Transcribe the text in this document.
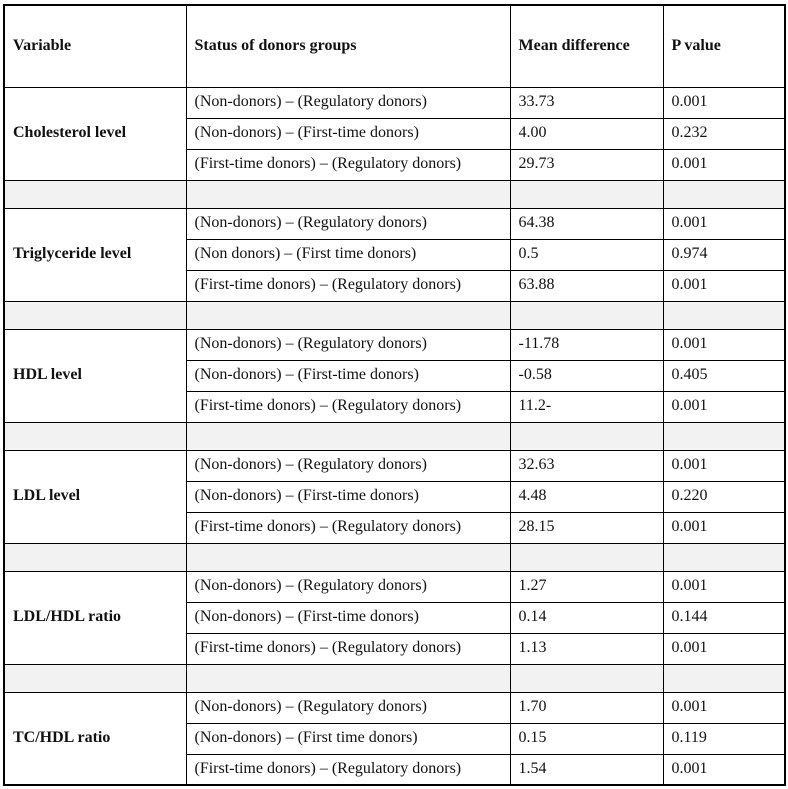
Variable	Status of donors groups	Mean difference	P value
Cholesterol level	(Non-donors) – (Regulatory donors)	33.73	0.001
	(Non-donors) – (First-time donors)	4.00	0.232
	(First-time donors) – (Regulatory donors)	29.73	0.001

Triglyceride level	(Non-donors) – (Regulatory donors)	64.38	0.001
	(Non donors) – (First time donors)	0.5	0.974
	(First-time donors) – (Regulatory donors)	63.88	0.001

HDL level	(Non-donors) – (Regulatory donors)	-11.78	0.001
	(Non-donors) – (First-time donors)	-0.58	0.405
	(First-time donors) – (Regulatory donors)	11.2-	0.001

LDL level	(Non-donors) – (Regulatory donors)	32.63	0.001
	(Non-donors) – (First-time donors)	4.48	0.220
	(First-time donors) – (Regulatory donors)	28.15	0.001

LDL/HDL ratio	(Non-donors) – (Regulatory donors)	1.27	0.001
	(Non-donors) – (First-time donors)	0.14	0.144
	(First-time donors) – (Regulatory donors)	1.13	0.001

TC/HDL ratio	(Non-donors) – (Regulatory donors)	1.70	0.001
	(Non-donors) – (First time donors)	0.15	0.119
	(First-time donors) – (Regulatory donors)	1.54	0.001
